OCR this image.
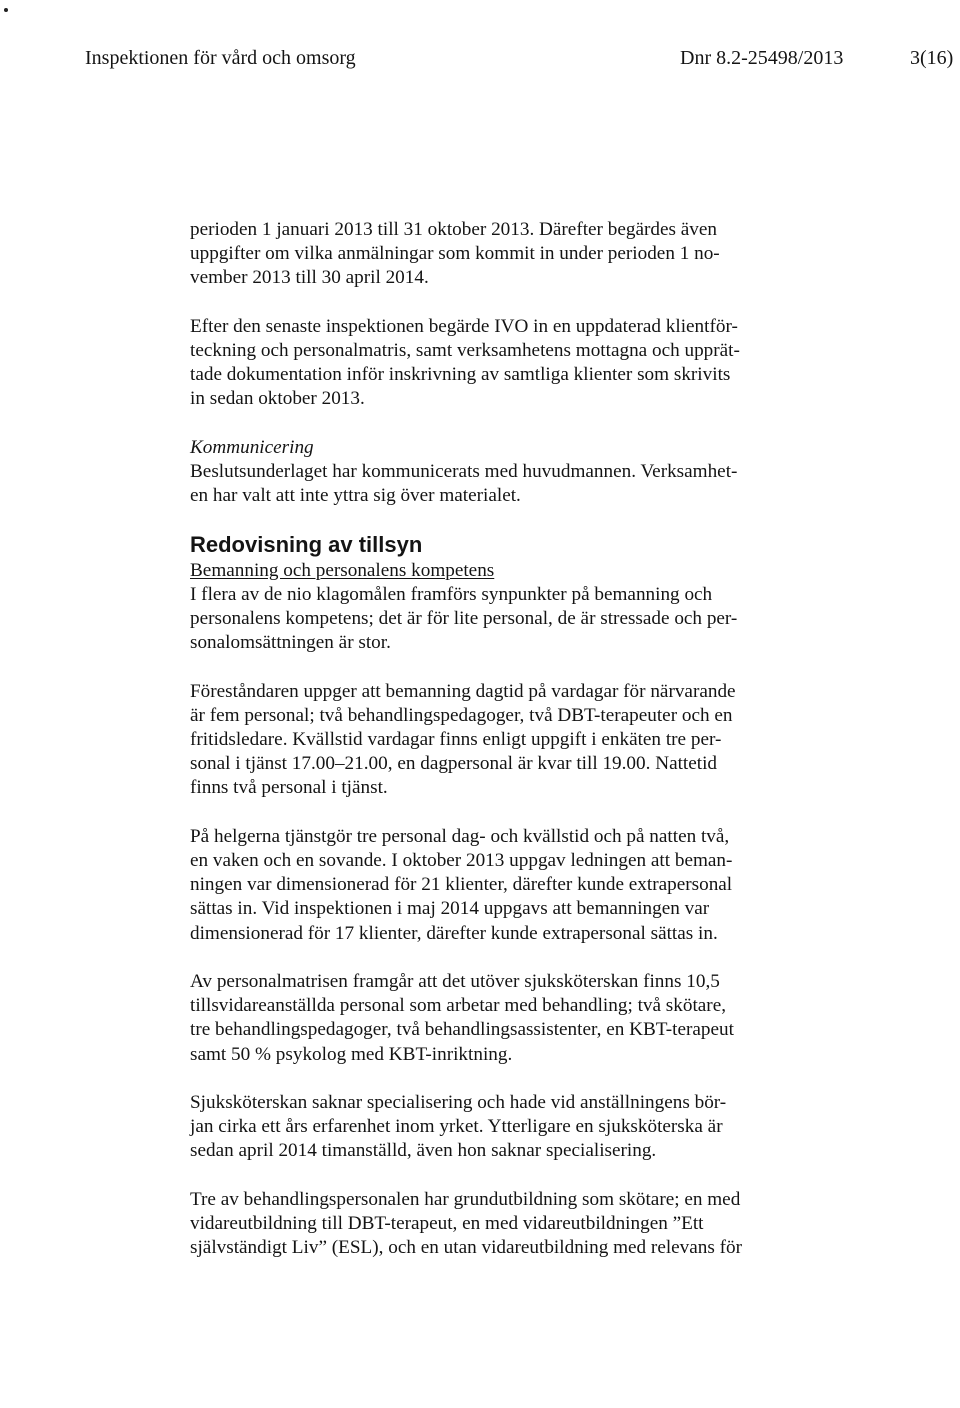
Inspektionen för vård och omsorg	Dnr 8.2-25498/2013	3(16)

perioden 1 januari 2013 till 31 oktober 2013. Därefter begärdes även
uppgifter om vilka anmälningar som kommit in under perioden 1 no-
vember 2013 till 30 april 2014.

Efter den senaste inspektionen begärde IVO in en uppdaterad klientför-
teckning och personalmatris, samt verksamhetens mottagna och upprät-
tade dokumentation inför inskrivning av samtliga klienter som skrivits
in sedan oktober 2013.

Kommunicering
Beslutsunderlaget har kommunicerats med huvudmannen. Verksamhet-
en har valt att inte yttra sig över materialet.

Redovisning av tillsyn
Bemanning och personalens kompetens

I flera av de nio klagomålen framförs synpunkter på bemanning och
personalens kompetens; det är för lite personal, de är stressade och per-
sonalomsättningen är stor.

Föreståndaren uppger att bemanning dagtid på vardagar för närvarande
är fem personal; två behandlingspedagoger, två DBT-terapeuter och en
fritidsledare. Kvällstid vardagar finns enligt uppgift i enkäten tre per-
sonal i tjänst 17.00–21.00, en dagpersonal är kvar till 19.00. Nattetid
finns två personal i tjänst.

På helgerna tjänstgör tre personal dag- och kvällstid och på natten två,
en vaken och en sovande. I oktober 2013 uppgav ledningen att beman-
ningen var dimensionerad för 21 klienter, därefter kunde extrapersonal
sättas in. Vid inspektionen i maj 2014 uppgavs att bemanningen var
dimensionerad för 17 klienter, därefter kunde extrapersonal sättas in.

Av personalmatrisen framgår att det utöver sjuksköterskan finns 10,5
tillsvidareanställda personal som arbetar med behandling; två skötare,
tre behandlingspedagoger, två behandlingsassistenter, en KBT-terapeut
samt 50 % psykolog med KBT-inriktning.

Sjuksköterskan saknar specialisering och hade vid anställningens bör-
jan cirka ett års erfarenhet inom yrket. Ytterligare en sjuksköterska är
sedan april 2014 timanställd, även hon saknar specialisering.

Tre av behandlingspersonalen har grundutbildning som skötare; en med
vidareutbildning till DBT-terapeut, en med vidareutbildningen ”Ett
självständigt Liv” (ESL), och en utan vidareutbildning med relevans för
